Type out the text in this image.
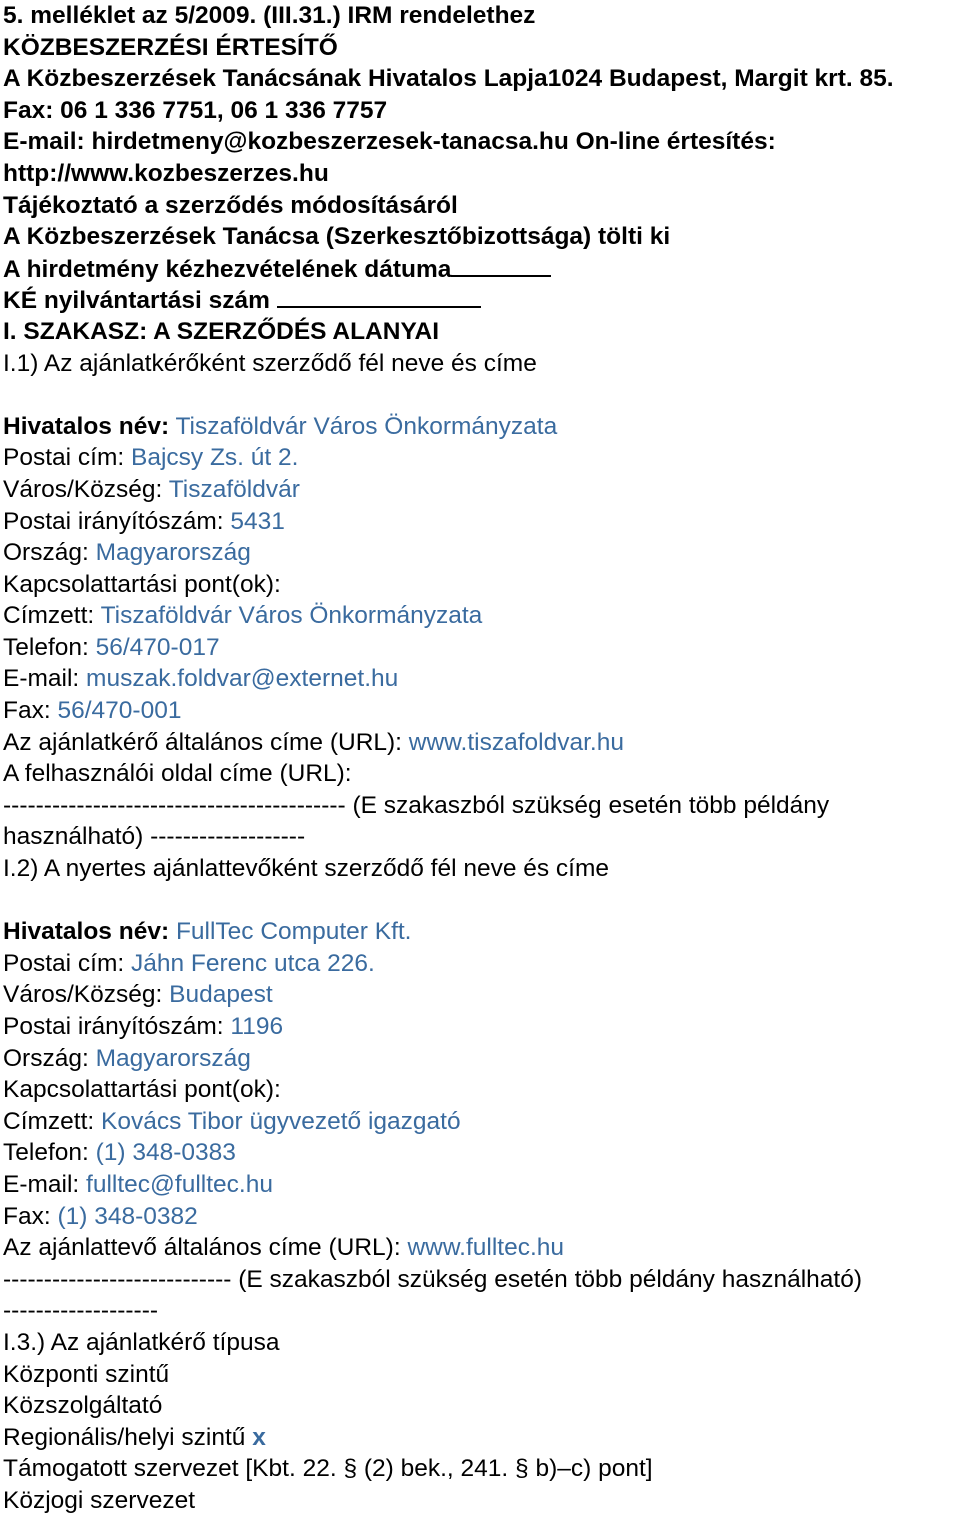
5. melléklet az 5/2009. (III.31.) IRM rendelethez
KÖZBESZERZÉSI ÉRTESÍTŐ
A Közbeszerzések Tanácsának Hivatalos Lapja1024 Budapest, Margit krt. 85.
Fax: 06 1 336 7751, 06 1 336 7757
E-mail: hirdetmeny@kozbeszerzesek-tanacsa.hu On-line értesítés:
http://www.kozbeszerzes.hu
Tájékoztató a szerződés módosításáról
A Közbeszerzések Tanácsa (Szerkesztőbizottsága) tölti ki
A hirdetmény kézhezvételének dátuma
KÉ nyilvántartási szám
I. SZAKASZ: A SZERZŐDÉS ALANYAI
I.1) Az ajánlatkérőként szerződő fél neve és címe
Hivatalos név: Tiszaföldvár Város Önkormányzata
Postai cím: Bajcsy Zs. út 2.
Város/Község: Tiszaföldvár
Postai irányítószám: 5431
Ország: Magyarország
Kapcsolattartási pont(ok):
Címzett: Tiszaföldvár Város Önkormányzata
Telefon: 56/470-017
E-mail: muszak.foldvar@externet.hu
Fax: 56/470-001
Az ajánlatkérő általános címe (URL): www.tiszafoldvar.hu
A felhasználói oldal címe (URL):
------------------------------------------ (E szakaszból szükség esetén több példány
használható) -------------------
I.2) A nyertes ajánlattevőként szerződő fél neve és címe
Hivatalos név: FullTec Computer Kft.
Postai cím: Jáhn Ferenc utca 226.
Város/Község: Budapest
Postai irányítószám: 1196
Ország: Magyarország
Kapcsolattartási pont(ok):
Címzett: Kovács Tibor ügyvezető igazgató
Telefon: (1) 348-0383
E-mail: fulltec@fulltec.hu
Fax: (1) 348-0382
Az ajánlattevő általános címe (URL): www.fulltec.hu
---------------------------- (E szakaszból szükség esetén több példány használható)
-------------------
I.3.) Az ajánlatkérő típusa
Központi szintű
Közszolgáltató
Regionális/helyi szintű x
Támogatott szervezet [Kbt. 22. § (2) bek., 241. § b)–c) pont]
Közjogi szervezet
